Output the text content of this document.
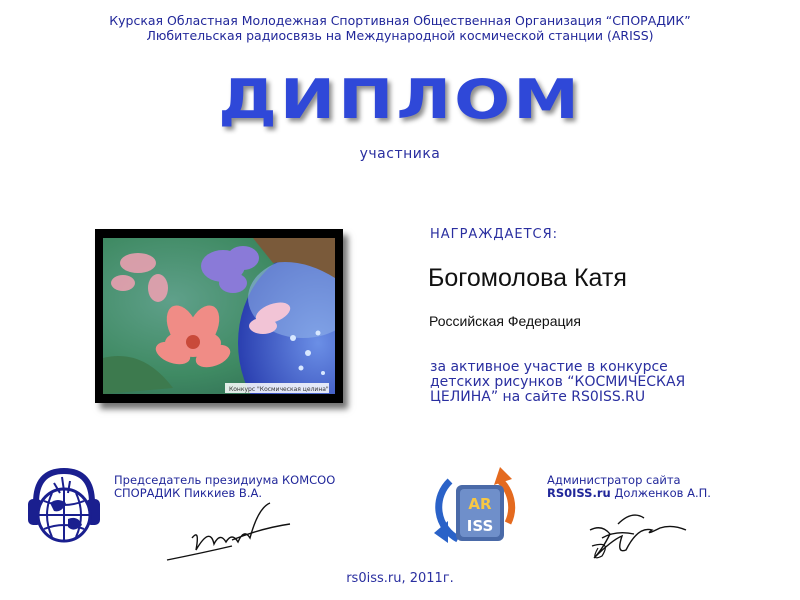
Курская Областная Молодежная Спортивная Общественная Организация “СПОРАДИК”
Любительская радиосвязь на Международной космической станции (ARISS)
ДИПЛОМ
участника
Конкурс "Космическая целина"
НАГРАЖДАЕТСЯ:
Богомолова Катя
Российская Федерация
за активное участие в конкурсе
детских рисунков “КОСМИЧЕСКАЯ
ЦЕЛИНА” на сайте RS0ISS.RU
Председатель президиума КОМСОО
СПОРАДИК Пиккиев В.А.
AR
ISS
Администратор сайта
RS0ISS.ru Долженков А.П.
rs0iss.ru, 2011г.
